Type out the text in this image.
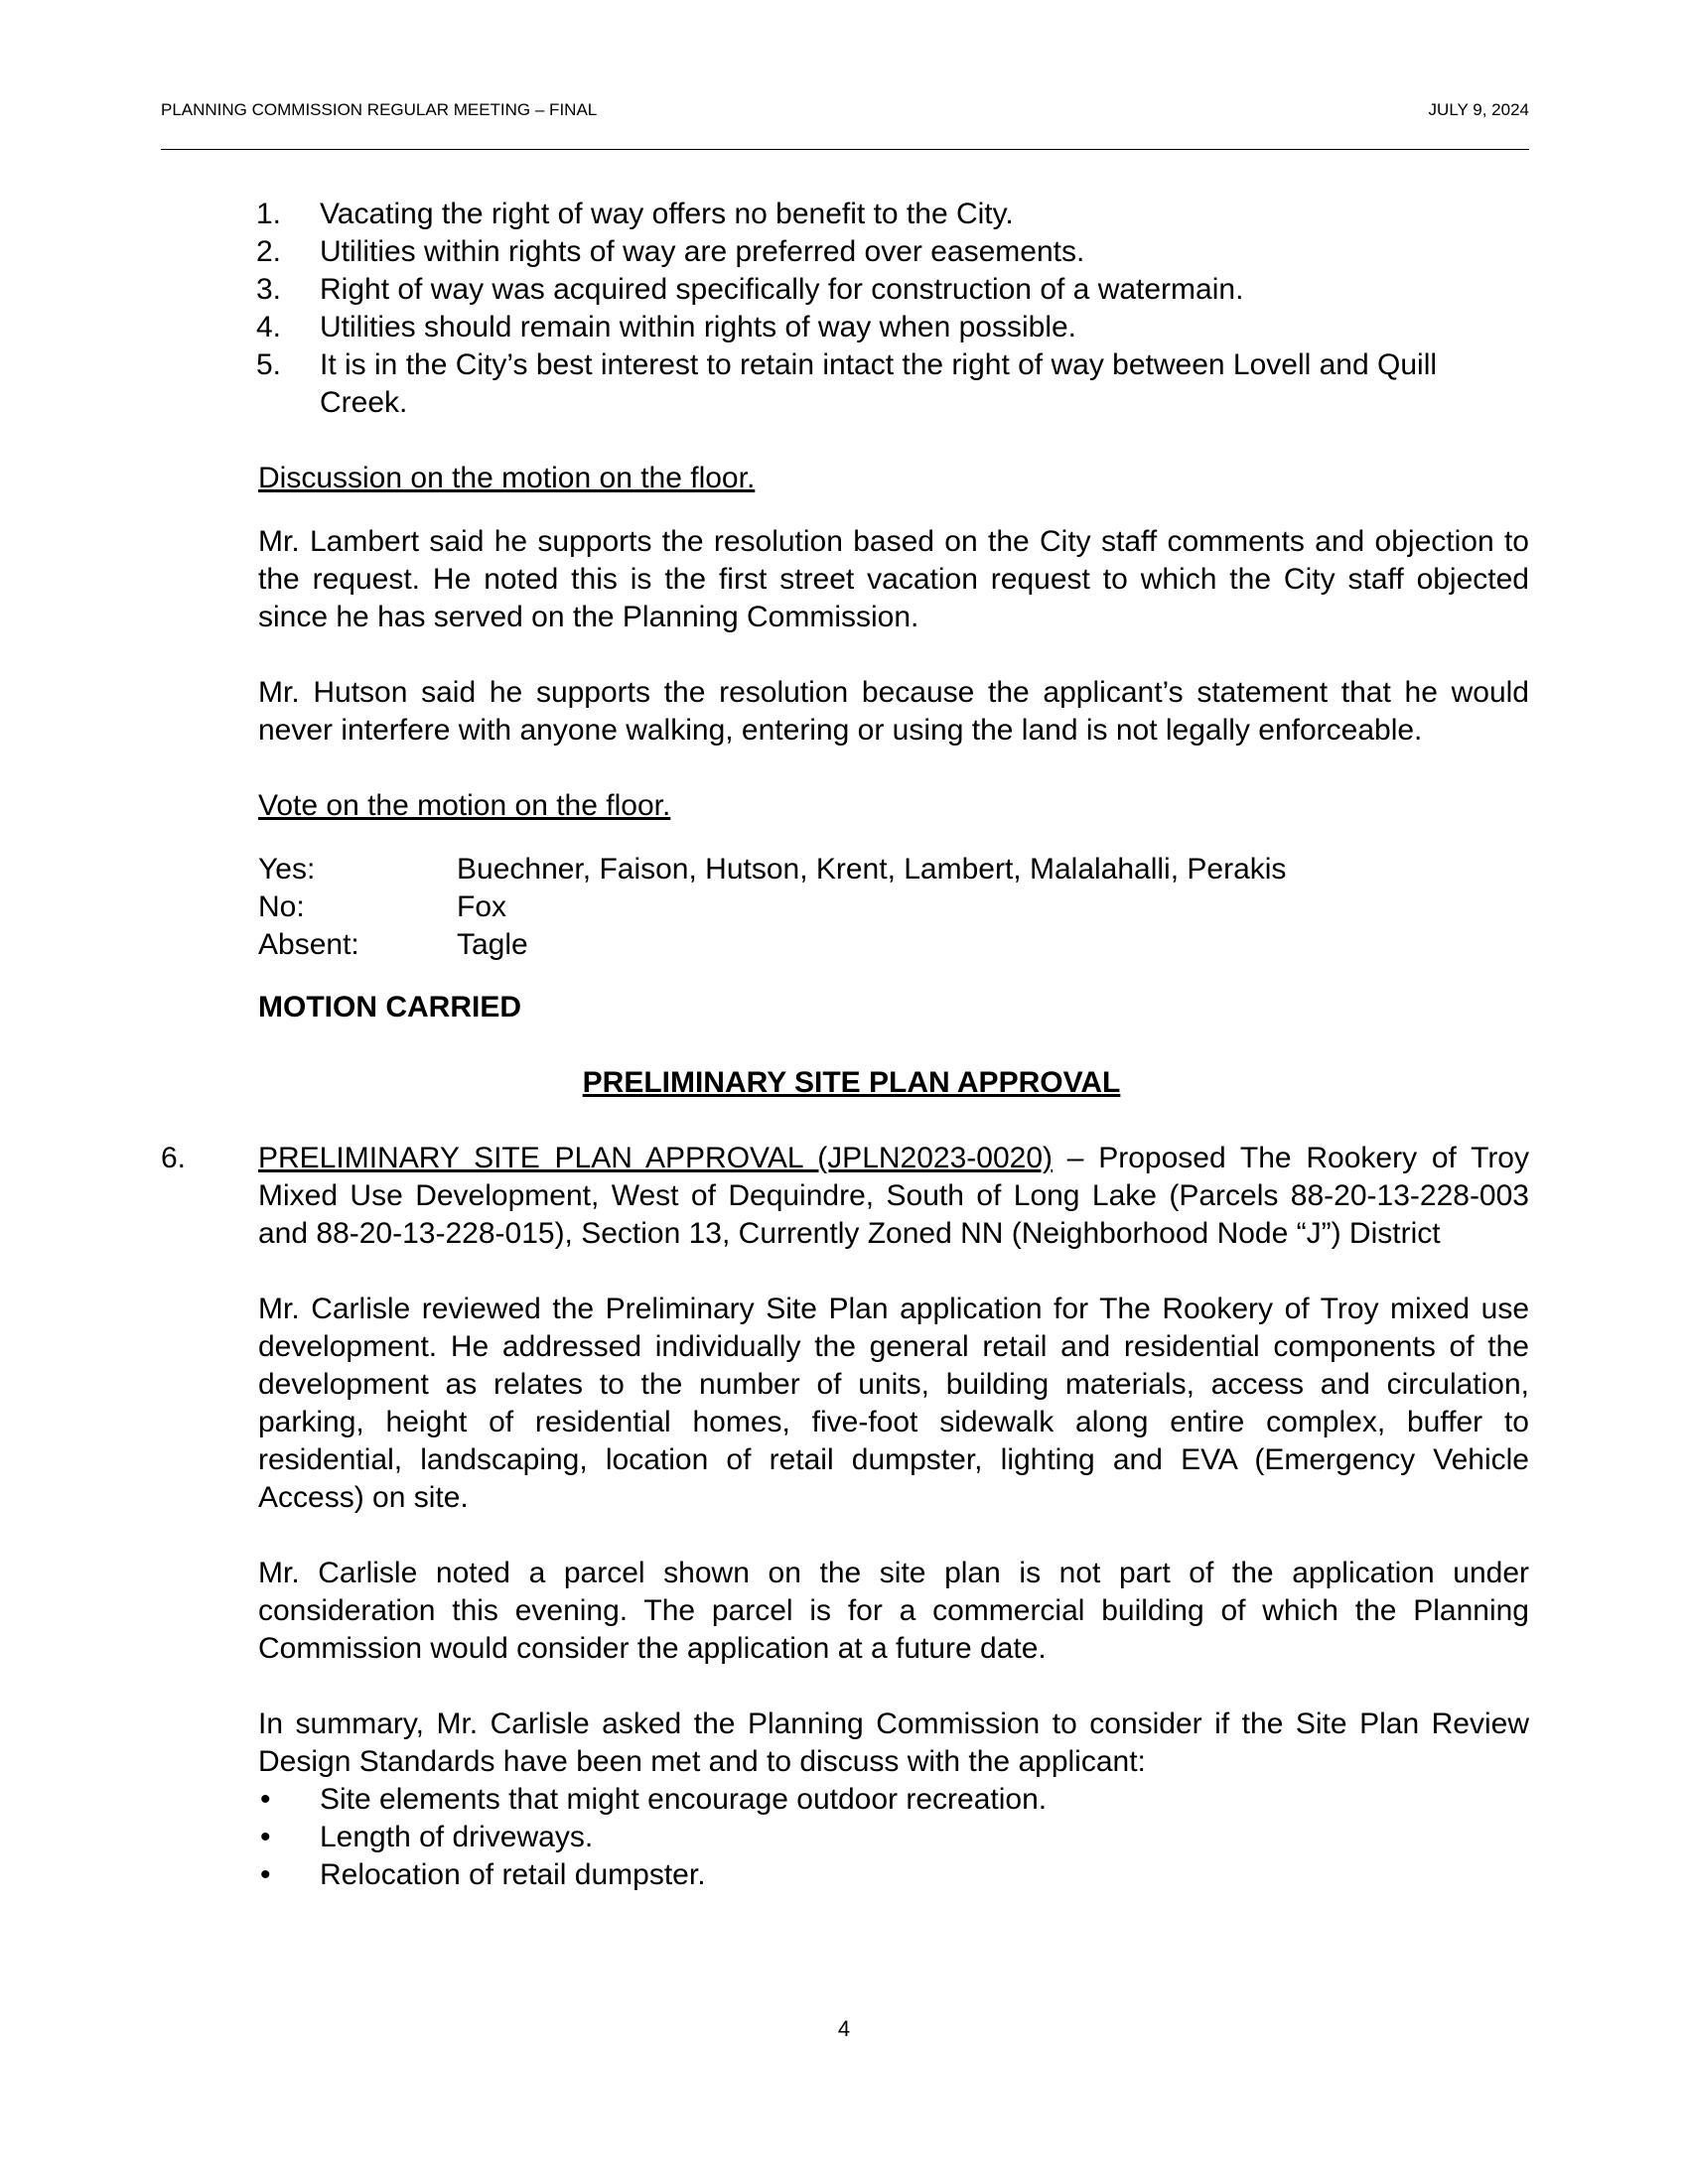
PLANNING COMMISSION REGULAR MEETING – FINAL	JULY 9, 2024
1.	Vacating the right of way offers no benefit to the City.
2.	Utilities within rights of way are preferred over easements.
3.	Right of way was acquired specifically for construction of a watermain.
4.	Utilities should remain within rights of way when possible.
5.	It is in the City’s best interest to retain intact the right of way between Lovell and Quill Creek.
Discussion on the motion on the floor.
Mr. Lambert said he supports the resolution based on the City staff comments and objection to the request. He noted this is the first street vacation request to which the City staff objected since he has served on the Planning Commission.
Mr. Hutson said he supports the resolution because the applicant’s statement that he would never interfere with anyone walking, entering or using the land is not legally enforceable.
Vote on the motion on the floor.
Yes:	Buechner, Faison, Hutson, Krent, Lambert, Malalahalli, Perakis
No:	Fox
Absent:	Tagle
MOTION CARRIED
PRELIMINARY SITE PLAN APPROVAL
6.	PRELIMINARY SITE PLAN APPROVAL (JPLN2023-0020) – Proposed The Rookery of Troy Mixed Use Development, West of Dequindre, South of Long Lake (Parcels 88-20-13-228-003 and 88-20-13-228-015), Section 13, Currently Zoned NN (Neighborhood Node “J”) District
Mr. Carlisle reviewed the Preliminary Site Plan application for The Rookery of Troy mixed use development. He addressed individually the general retail and residential components of the development as relates to the number of units, building materials, access and circulation, parking, height of residential homes, five-foot sidewalk along entire complex, buffer to residential, landscaping, location of retail dumpster, lighting and EVA (Emergency Vehicle Access) on site.
Mr. Carlisle noted a parcel shown on the site plan is not part of the application under consideration this evening. The parcel is for a commercial building of which the Planning Commission would consider the application at a future date.
In summary, Mr. Carlisle asked the Planning Commission to consider if the Site Plan Review Design Standards have been met and to discuss with the applicant:
•	Site elements that might encourage outdoor recreation.
•	Length of driveways.
•	Relocation of retail dumpster.
4
